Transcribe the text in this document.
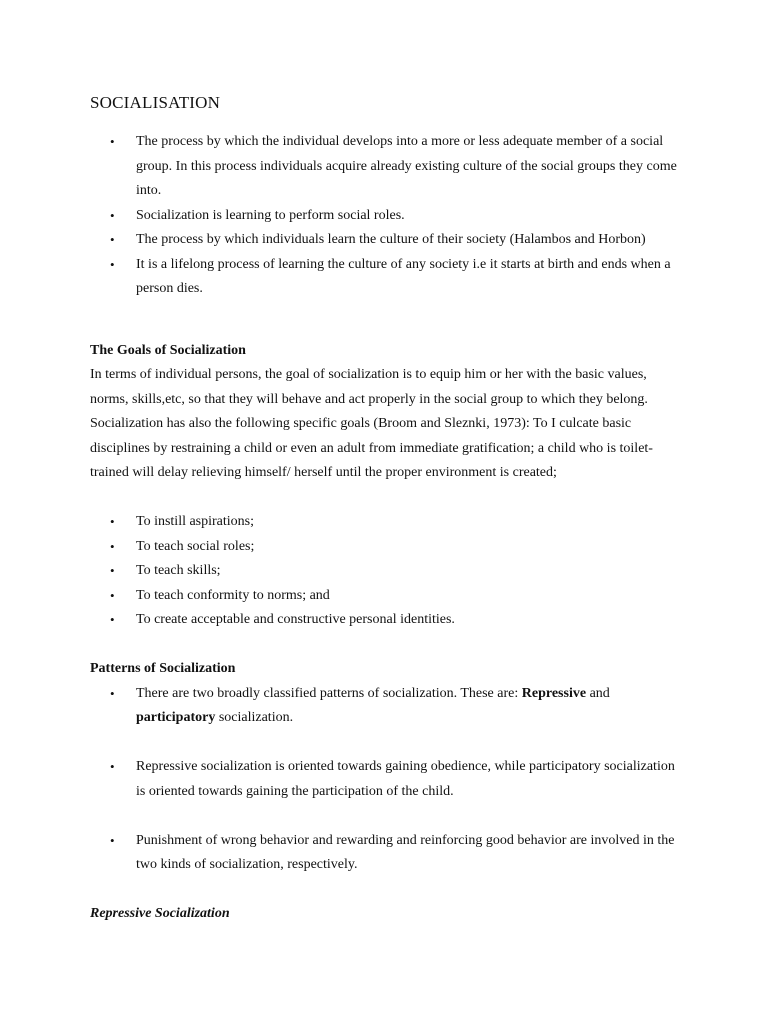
SOCIALISATION
• The process by which the individual develops into a more or less adequate member of a social group. In this process individuals acquire already existing culture of the social groups they come into.
• Socialization is learning to perform social roles.
• The process by which individuals learn the culture of their society (Halambos and Horbon)
• It is a lifelong process of learning the culture of any society i.e it starts at birth and ends when a person dies.
The Goals of Socialization

In terms of individual persons, the goal of socialization is to equip him or her with the basic values, norms, skills,etc, so that they will behave and act properly in the social group to which they belong. Socialization has also the following specific goals (Broom and Sleznki, 1973): To I culcate basic disciplines by restraining a child or even an adult from immediate gratification; a child who is toilet-trained will delay relieving himself/ herself until the proper environment is created;

• To instill aspirations;
• To teach social roles;
• To teach skills;
• To teach conformity to norms; and
• To create acceptable and constructive personal identities.
Patterns of Socialization
• There are two broadly classified patterns of socialization. These are: Repressive and participatory socialization.
• Repressive socialization is oriented towards gaining obedience, while participatory socialization is oriented towards gaining the participation of the child.
• Punishment of wrong behavior and rewarding and reinforcing good behavior are involved in the two kinds of socialization, respectively.
Repressive Socialization
